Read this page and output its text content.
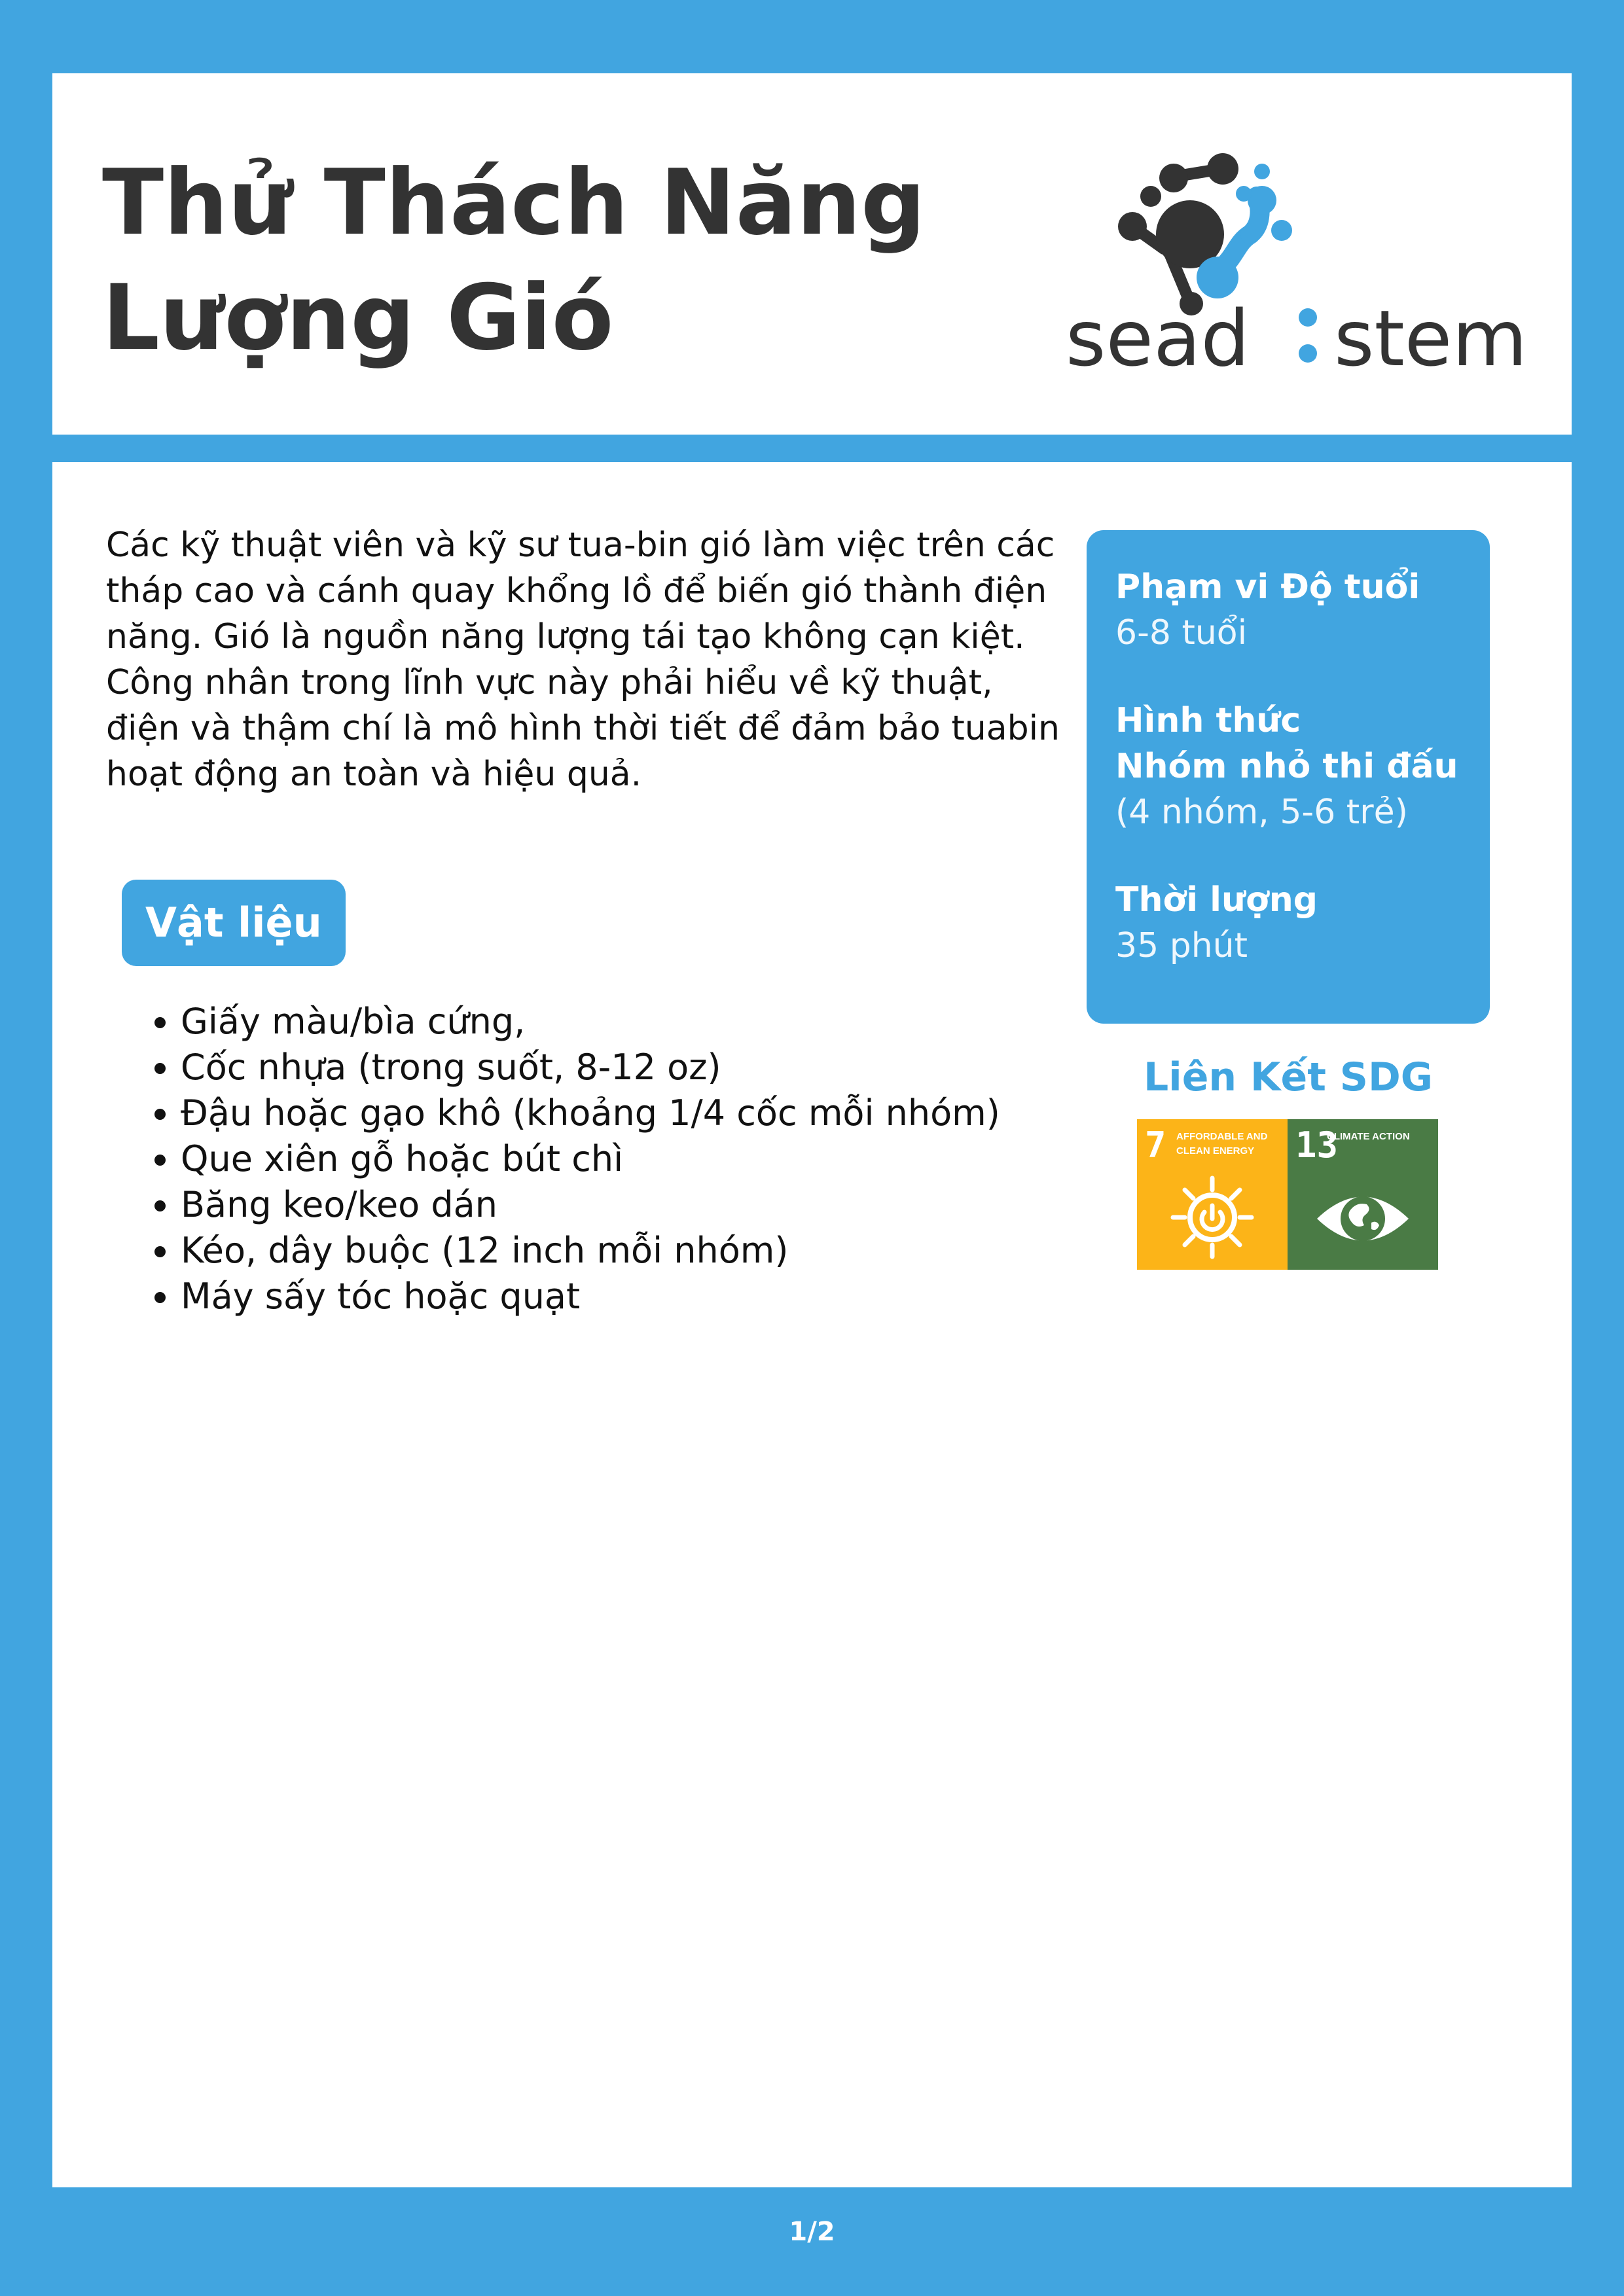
Thử Thách Năng
Lượng Gió	sead stem

Các kỹ thuật viên và kỹ sư tua-bin gió làm việc trên các tháp cao và cánh quay khổng lồ để biến gió thành điện năng. Gió là nguồn năng lượng tái tạo không cạn kiệt. Công nhân trong lĩnh vực này phải hiểu về kỹ thuật, điện và thậm chí là mô hình thời tiết để đảm bảo tuabin hoạt động an toàn và hiệu quả.

Vật liệu
• Giấy màu/bìa cứng,
• Cốc nhựa (trong suốt, 8-12 oz)
• Đậu hoặc gạo khô (khoảng 1/4 cốc mỗi nhóm)
• Que xiên gỗ hoặc bút chì
• Băng keo/keo dán
• Kéo, dây buộc (12 inch mỗi nhóm)
• Máy sấy tóc hoặc quạt
Phạm vi Độ tuổi
6-8 tuổi
Hình thức
Nhóm nhỏ thi đấu
(4 nhóm, 5-6 trẻ)
Thời lượng
35 phút
Liên Kết SDG
7 AFFORDABLE AND CLEAN ENERGY	13
CLIMATE ACTION
1/2
